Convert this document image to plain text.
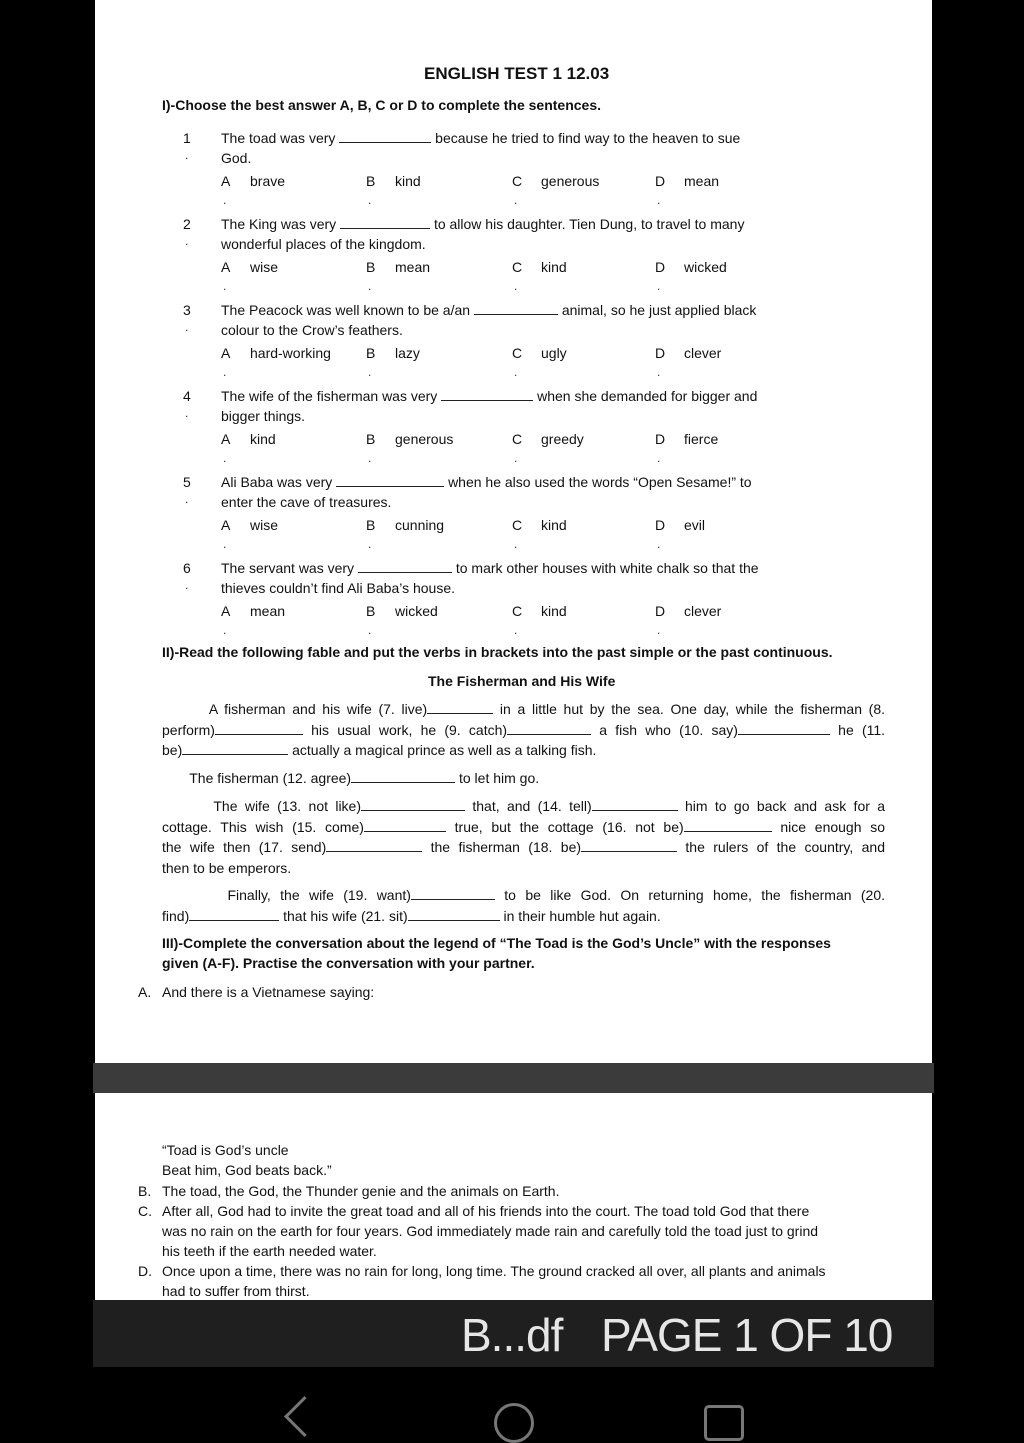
ENGLISH TEST 1 12.03
I)-Choose the best answer A, B, C or D to complete the sentences.
1
.
The toad was very	because he tried to find way to the heaven to sue
God.
A brave
.
B kind
.
C generous
.
D mean
.
2
.
The King was very	to allow his daughter. Tien Dung, to travel to many
wonderful places of the kingdom.
A wise
.
B mean
.
C kind
.
D wicked
.
3
.
The Peacock was well known to be a/an	animal, so he just applied black
colour to the Crow’s feathers.
A hard-working
.
B lazy
.
C ugly
.
D clever
.
4
.
The wife of the fisherman was very	when she demanded for bigger and
bigger things.
A kind
.
B generous
.
C greedy
.
D fierce
.
5
.
Ali Baba was very	when he also used the words “Open Sesame!” to
enter the cave of treasures.
A wise
.
B cunning
.
C kind
.
D evil
.
6
.
The servant was very	to mark other houses with white chalk so that the
thieves couldn’t find Ali Baba’s house.
A mean
.
B wicked
.
C kind
.
D clever
.
II)-Read the following fable and put the verbs in brackets into the past simple or the past continuous.
The Fisherman and His Wife
A fisherman and his wife (7. live)	in a little hut by the sea. One day, while the fisherman (8.
perform)	his usual work, he (9. catch)	a fish who (10. say)	he (11.
be)	actually a magical prince as well as a talking fish.
The fisherman (12. agree)	to let him go.
The wife (13. not like)	that, and (14. tell)	him to go back and ask for a
cottage. This wish (15. come)	true, but the cottage (16. not be)	nice enough so
the wife then (17. send)	the fisherman (18. be)	the rulers of the country, and
then to be emperors.
Finally, the wife (19. want)	to be like God. On returning home, the fisherman (20.
find)	that his wife (21. sit)	in their humble hut again.
III)-Complete the conversation about the legend of “The Toad is the God’s Uncle” with the responses
given (A-F). Practise the conversation with your partner.
A. And there is a Vietnamese saying:
“Toad is God’s uncle
Beat him, God beats back.”
B. The toad, the God, the Thunder genie and the animals on Earth.
C. After all, God had to invite the great toad and all of his friends into the court. The toad told God that there
was no rain on the earth for four years. God immediately made rain and carefully told the toad just to grind
his teeth if the earth needed water.
D. Once upon a time, there was no rain for long, long time. The ground cracked all over, all plants and animals
had to suffer from thirst.
B...df PAGE 1 OF 10
